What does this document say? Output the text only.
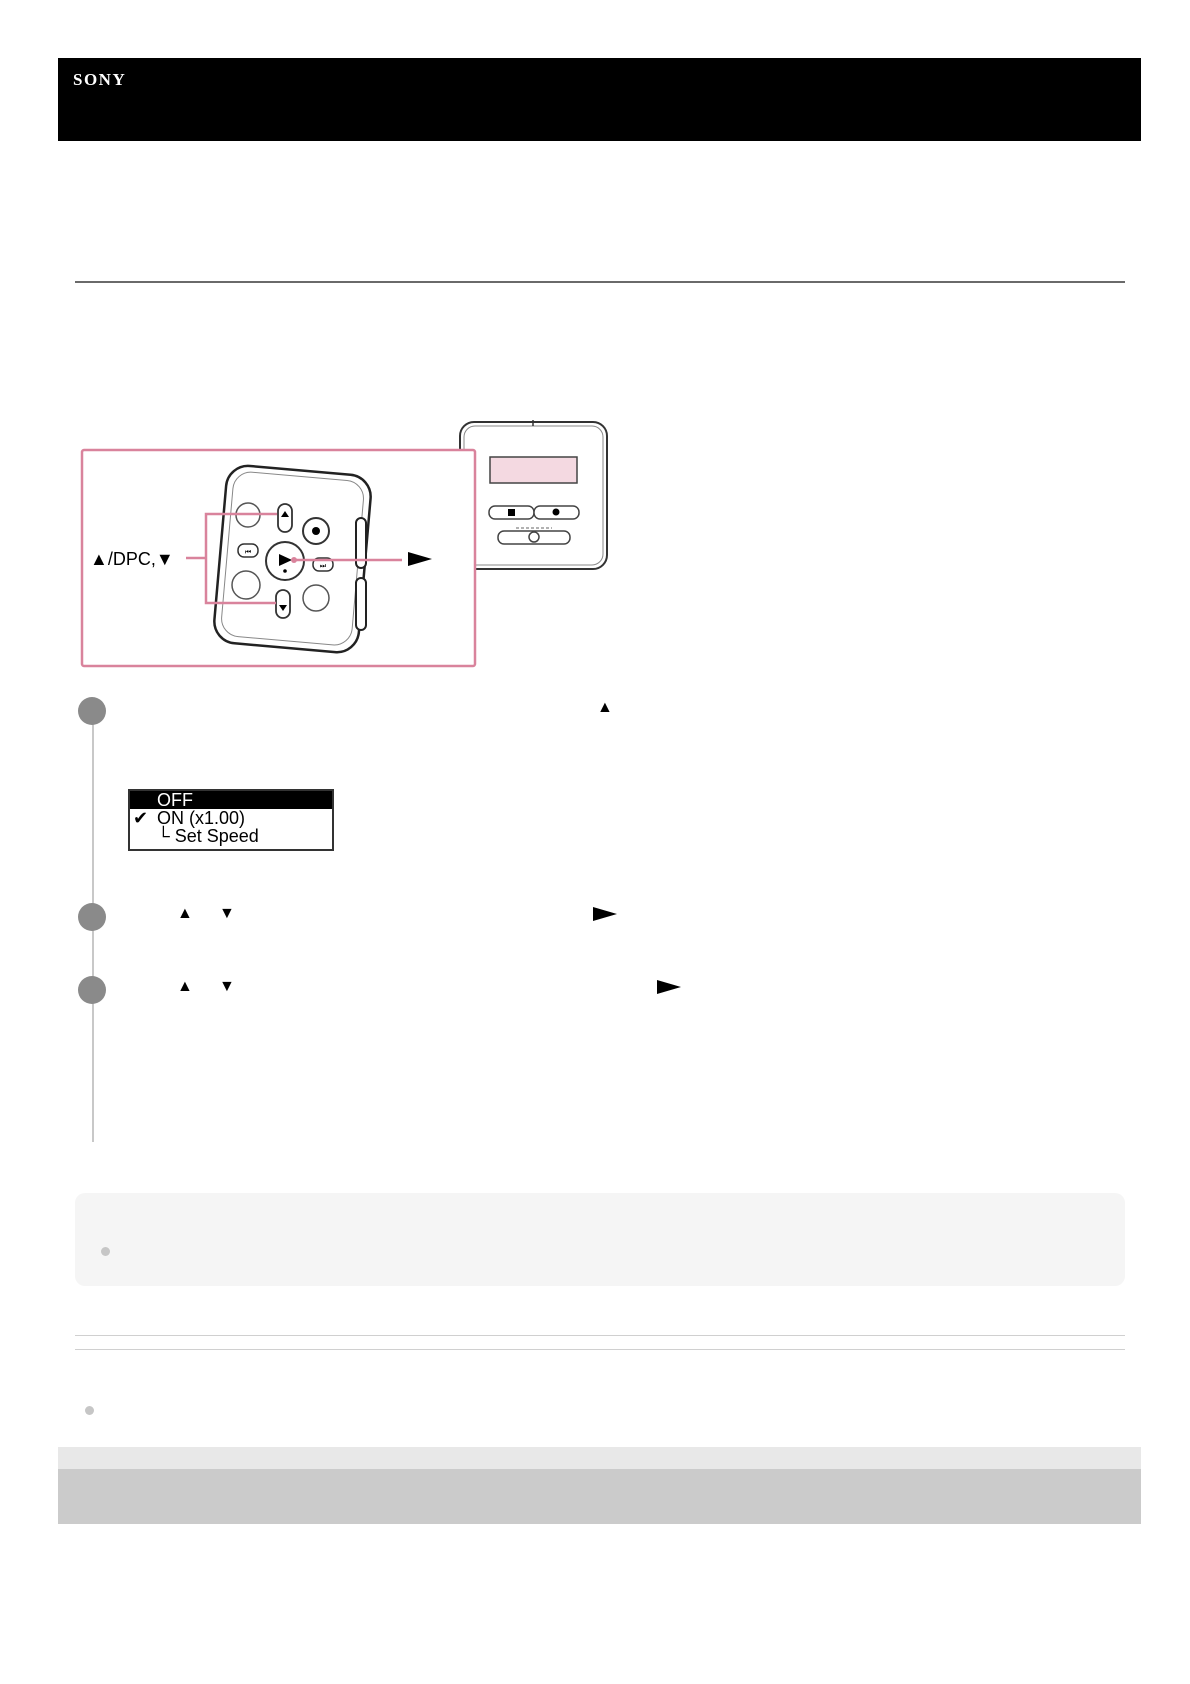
SONY
⏮
⏭
▲/DPC,▼
▲
OFF
✔ ON (x1.00)
└ Set Speed
▲ ▼
▲ ▼
